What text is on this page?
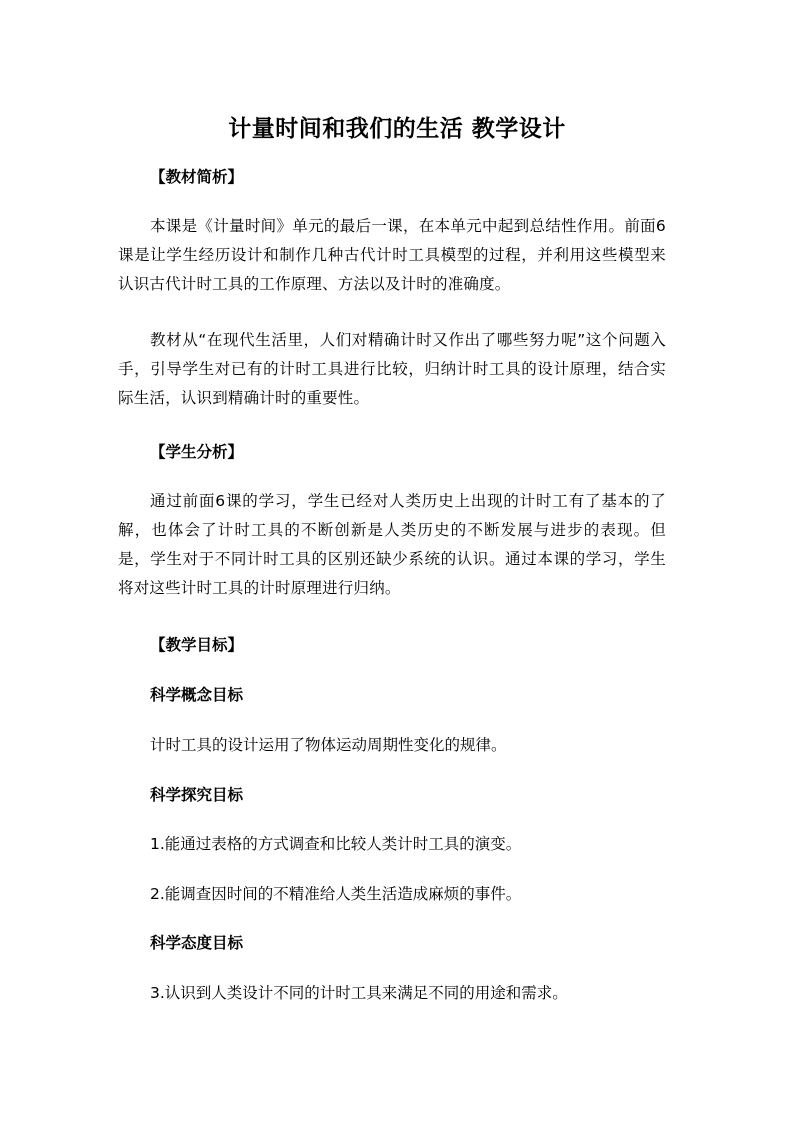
计量时间和我们的生活 教学设计
【教材简析】

本课是《计量时间》单元的最后一课，在本单元中起到总结性作用。前面6课是让学生经历设计和制作几种古代计时工具模型的过程，并利用这些模型来认识古代计时工具的工作原理、方法以及计时的准确度。

教材从“在现代生活里，人们对精确计时又作出了哪些努力呢”这个问题入手，引导学生对已有的计时工具进行比较，归纳计时工具的设计原理，结合实际生活，认识到精确计时的重要性。

【学生分析】

通过前面6课的学习，学生已经对人类历史上出现的计时工有了基本的了解，也体会了计时工具的不断创新是人类历史的不断发展与进步的表现。但是，学生对于不同计时工具的区别还缺少系统的认识。通过本课的学习，学生将对这些计时工具的计时原理进行归纳。

【教学目标】
科学概念目标
计时工具的设计运用了物体运动周期性变化的规律。
科学探究目标
1.能通过表格的方式调查和比较人类计时工具的演变。
2.能调查因时间的不精准给人类生活造成麻烦的事件。
科学态度目标
3.认识到人类设计不同的计时工具来满足不同的用途和需求。
